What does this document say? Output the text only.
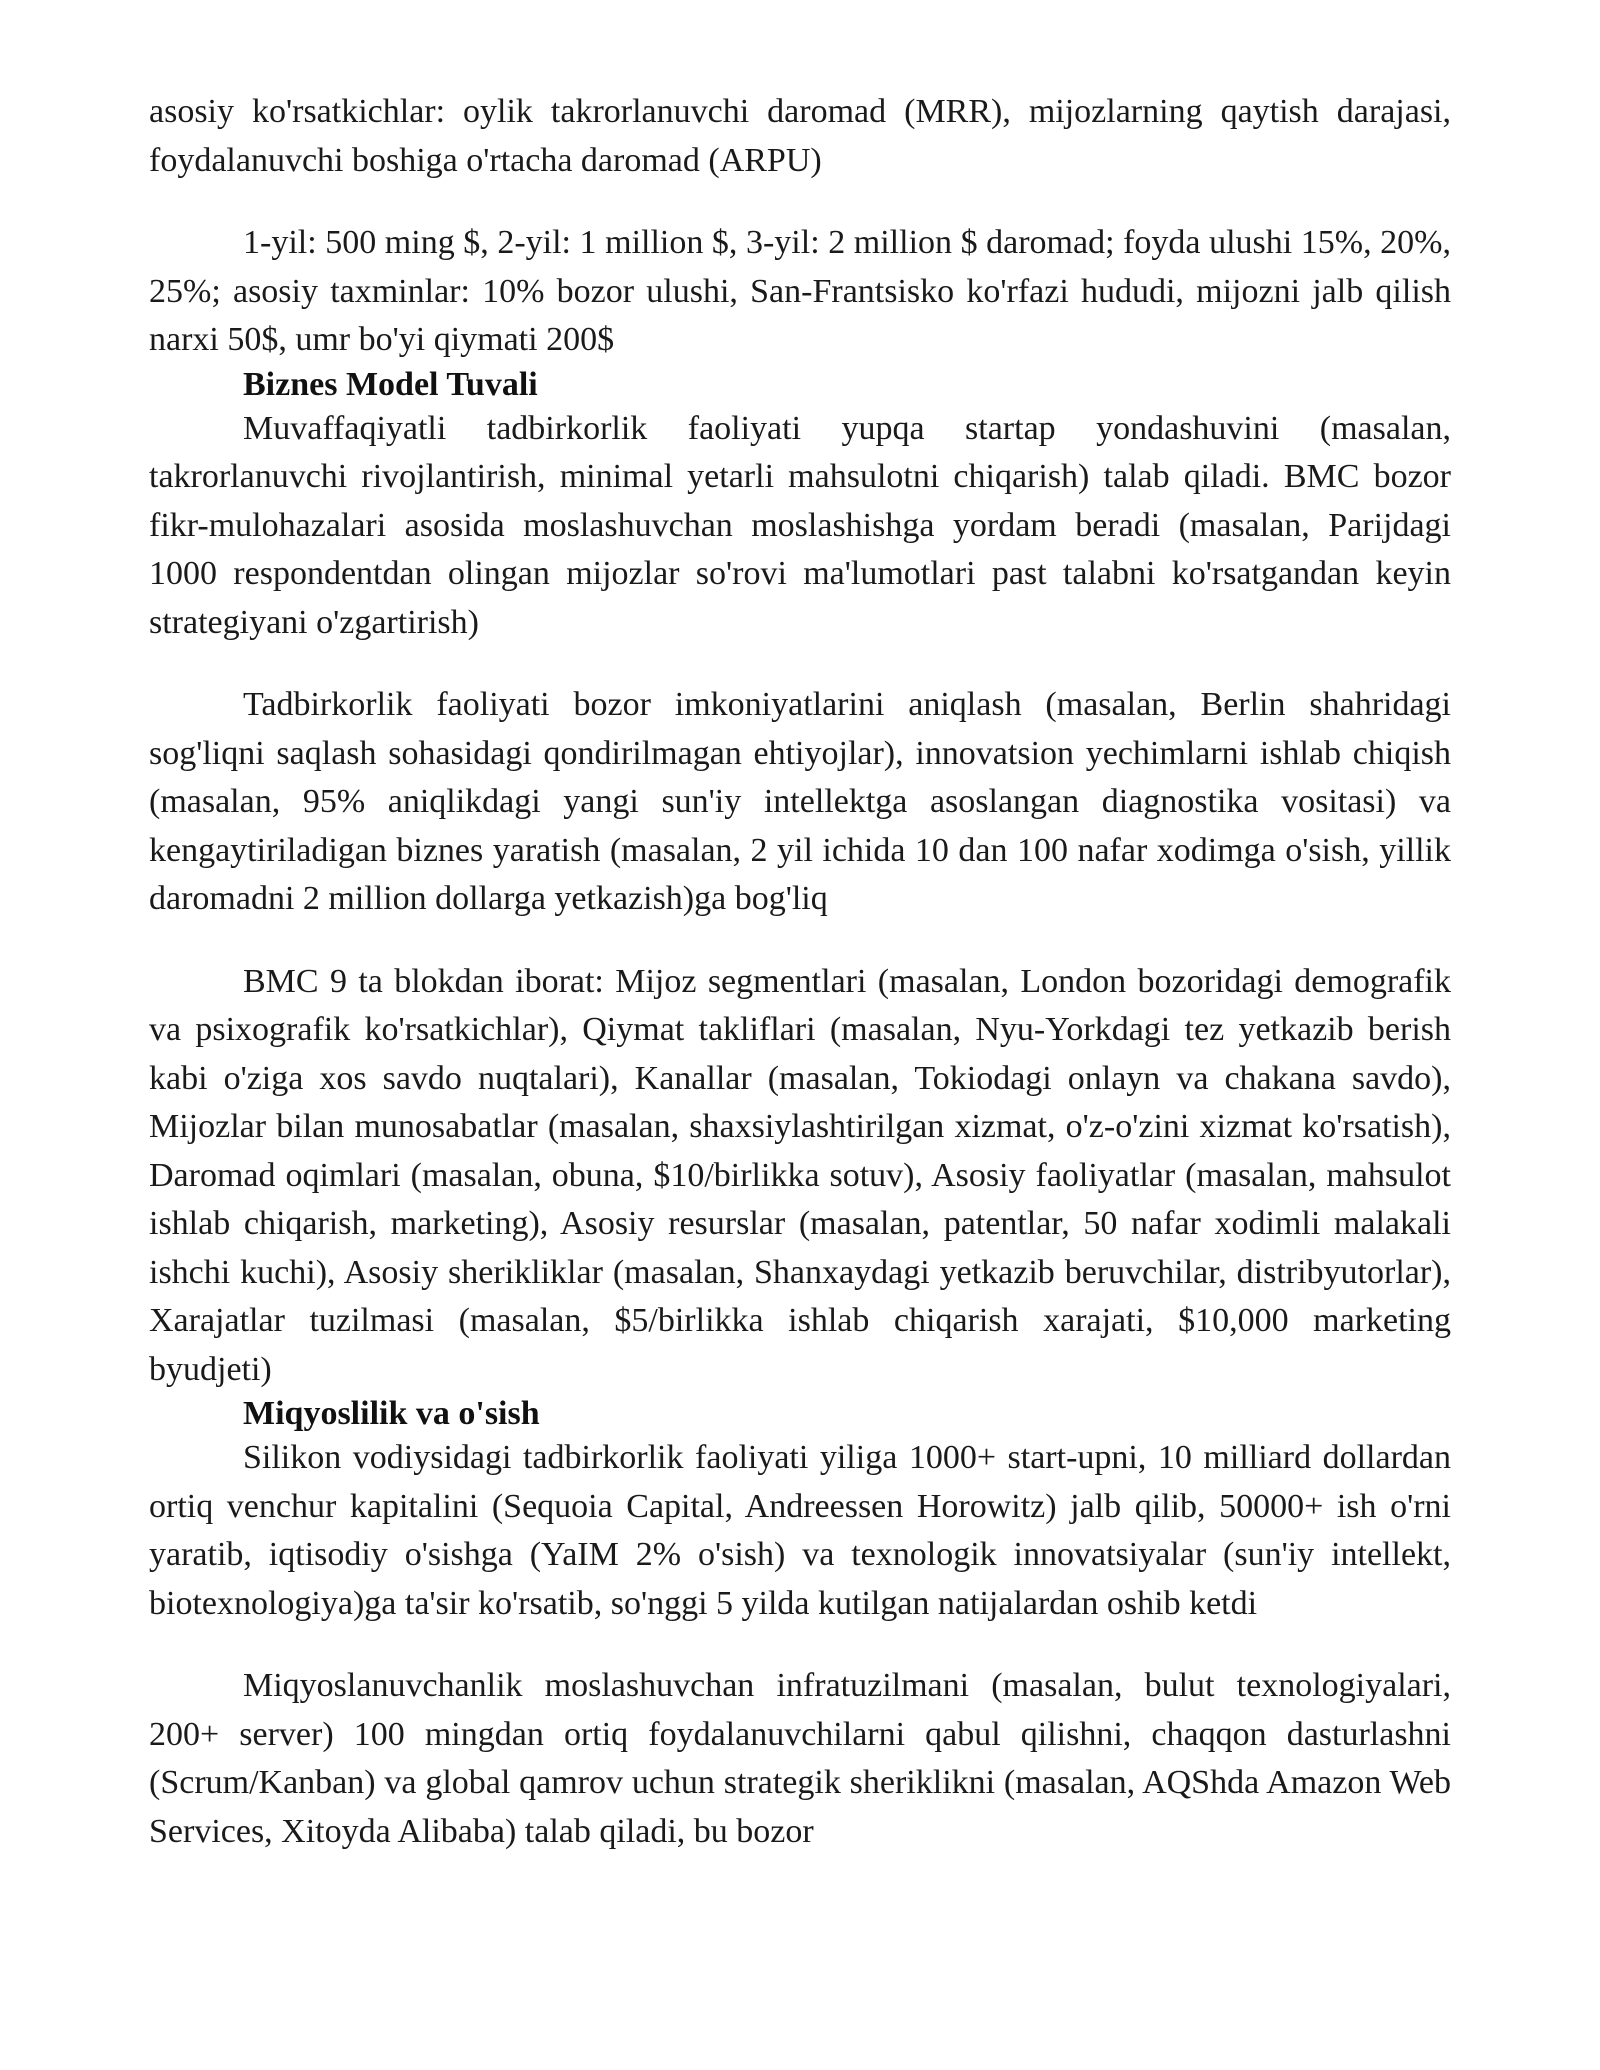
asosiy ko'rsatkichlar: oylik takrorlanuvchi daromad (MRR), mijozlarning qaytish darajasi, foydalanuvchi boshiga o'rtacha daromad (ARPU)

1-yil: 500 ming $, 2-yil: 1 million $, 3-yil: 2 million $ daromad; foyda ulushi 15%, 20%, 25%; asosiy taxminlar: 10% bozor ulushi, San-Frantsisko ko'rfazi hududi, mijozni jalb qilish narxi 50$, umr bo'yi qiymati 200$

Biznes Model Tuvali

Muvaffaqiyatli tadbirkorlik faoliyati yupqa startap yondashuvini (masalan, takrorlanuvchi rivojlantirish, minimal yetarli mahsulotni chiqarish) talab qiladi. BMC bozor fikr-mulohazalari asosida moslashuvchan moslashishga yordam beradi (masalan, Parijdagi 1000 respondentdan olingan mijozlar so'rovi ma'lumotlari past talabni ko'rsatgandan keyin strategiyani o'zgartirish)

Tadbirkorlik faoliyati bozor imkoniyatlarini aniqlash (masalan, Berlin shahridagi sog'liqni saqlash sohasidagi qondirilmagan ehtiyojlar), innovatsion yechimlarni ishlab chiqish (masalan, 95% aniqlikdagi yangi sun'iy intellektga asoslangan diagnostika vositasi) va kengaytiriladigan biznes yaratish (masalan, 2 yil ichida 10 dan 100 nafar xodimga o'sish, yillik daromadni 2 million dollarga yetkazish)ga bog'liq

BMC 9 ta blokdan iborat: Mijoz segmentlari (masalan, London bozoridagi demografik va psixografik ko'rsatkichlar), Qiymat takliflari (masalan, Nyu-Yorkdagi tez yetkazib berish kabi o'ziga xos savdo nuqtalari), Kanallar (masalan, Tokiodagi onlayn va chakana savdo), Mijozlar bilan munosabatlar (masalan, shaxsiylashtirilgan xizmat, o'z-o'zini xizmat ko'rsatish), Daromad oqimlari (masalan, obuna, $10/birlikka sotuv), Asosiy faoliyatlar (masalan, mahsulot ishlab chiqarish, marketing), Asosiy resurslar (masalan, patentlar, 50 nafar xodimli malakali ishchi kuchi), Asosiy sherikliklar (masalan, Shanxaydagi yetkazib beruvchilar, distribyutorlar), Xarajatlar tuzilmasi (masalan, $5/birlikka ishlab chiqarish xarajati, $10,000 marketing byudjeti)

Miqyoslilik va o'sish

Silikon vodiysidagi tadbirkorlik faoliyati yiliga 1000+ start-upni, 10 milliard dollardan ortiq venchur kapitalini (Sequoia Capital, Andreessen Horowitz) jalb qilib, 50000+ ish o'rni yaratib, iqtisodiy o'sishga (YaIM 2% o'sish) va texnologik innovatsiyalar (sun'iy intellekt, biotexnologiya)ga ta'sir ko'rsatib, so'nggi 5 yilda kutilgan natijalardan oshib ketdi

Miqyoslanuvchanlik moslashuvchan infratuzilmani (masalan, bulut texnologiyalari, 200+ server) 100 mingdan ortiq foydalanuvchilarni qabul qilishni, chaqqon dasturlashni (Scrum/Kanban) va global qamrov uchun strategik sheriklikni (masalan, AQShda Amazon Web Services, Xitoyda Alibaba) talab qiladi, bu bozor
